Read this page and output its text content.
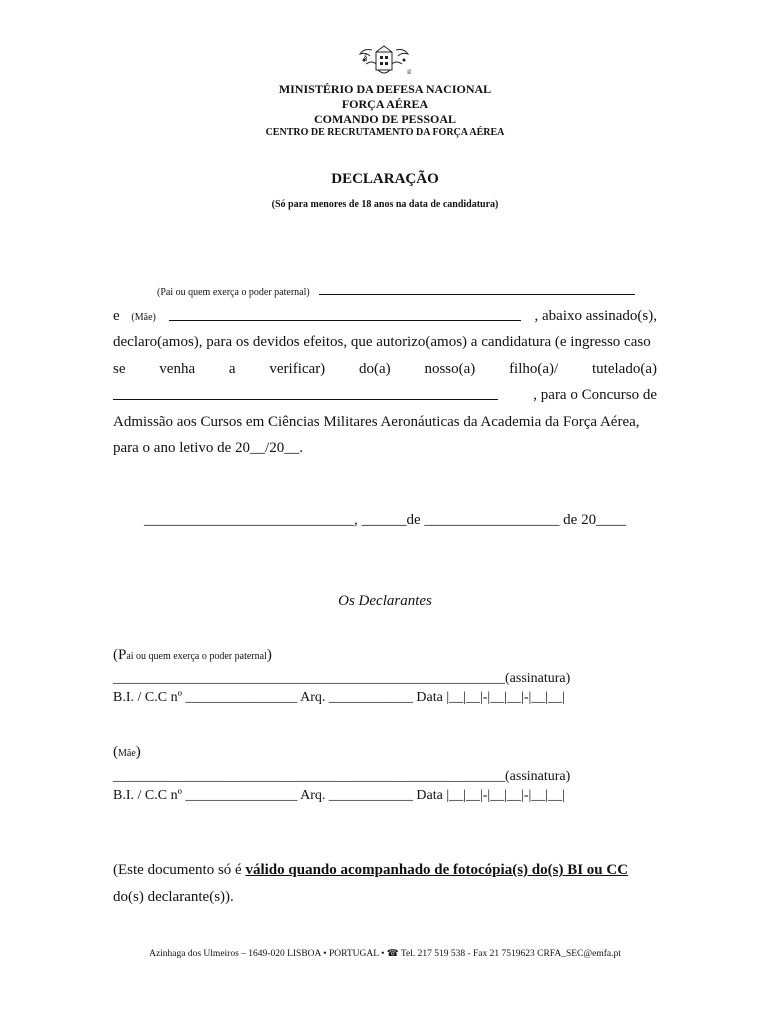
§
♕
MINISTÉRIO DA DEFESA NACIONAL
FORÇA AÉREA
COMANDO DE PESSOAL
CENTRO DE RECRUTAMENTO DA FORÇA AÉREA
DECLARAÇÃO
(Só para menores de 18 anos na data de candidatura)
(Pai ou quem exerça o poder paternal)
e (Mãe)	, abaixo assinado(s),
declaro(amos), para os devidos efeitos, que autorizo(amos) a candidatura (e ingresso caso
se venha a verificar) do(a) nosso(a) filho(a)/ tutelado(a)
, para o Concurso de
Admissão aos Cursos em Ciências Militares Aeronáuticas da Academia da Força Aérea,
para o ano letivo de 20__/20__.
____________________________, ______de __________________ de 20____
Os Declarantes
(Pai ou quem exerça o poder paternal)
________________________________________________________(assinatura)
B.I. / C.C nº ________________ Arq. ____________ Data |__|__|-|__|__|-|__|__|
(Mãe)
________________________________________________________(assinatura)
B.I. / C.C nº ________________ Arq. ____________ Data |__|__|-|__|__|-|__|__|
(Este documento só é válido quando acompanhado de fotocópia(s) do(s) BI ou CC
do(s) declarante(s)).
Azinhaga dos Ulmeiros – 1649-020 LISBOA • PORTUGAL • ☎ Tel. 217 519 538 - Fax 21 7519623 CRFA_SEC@emfa.pt
